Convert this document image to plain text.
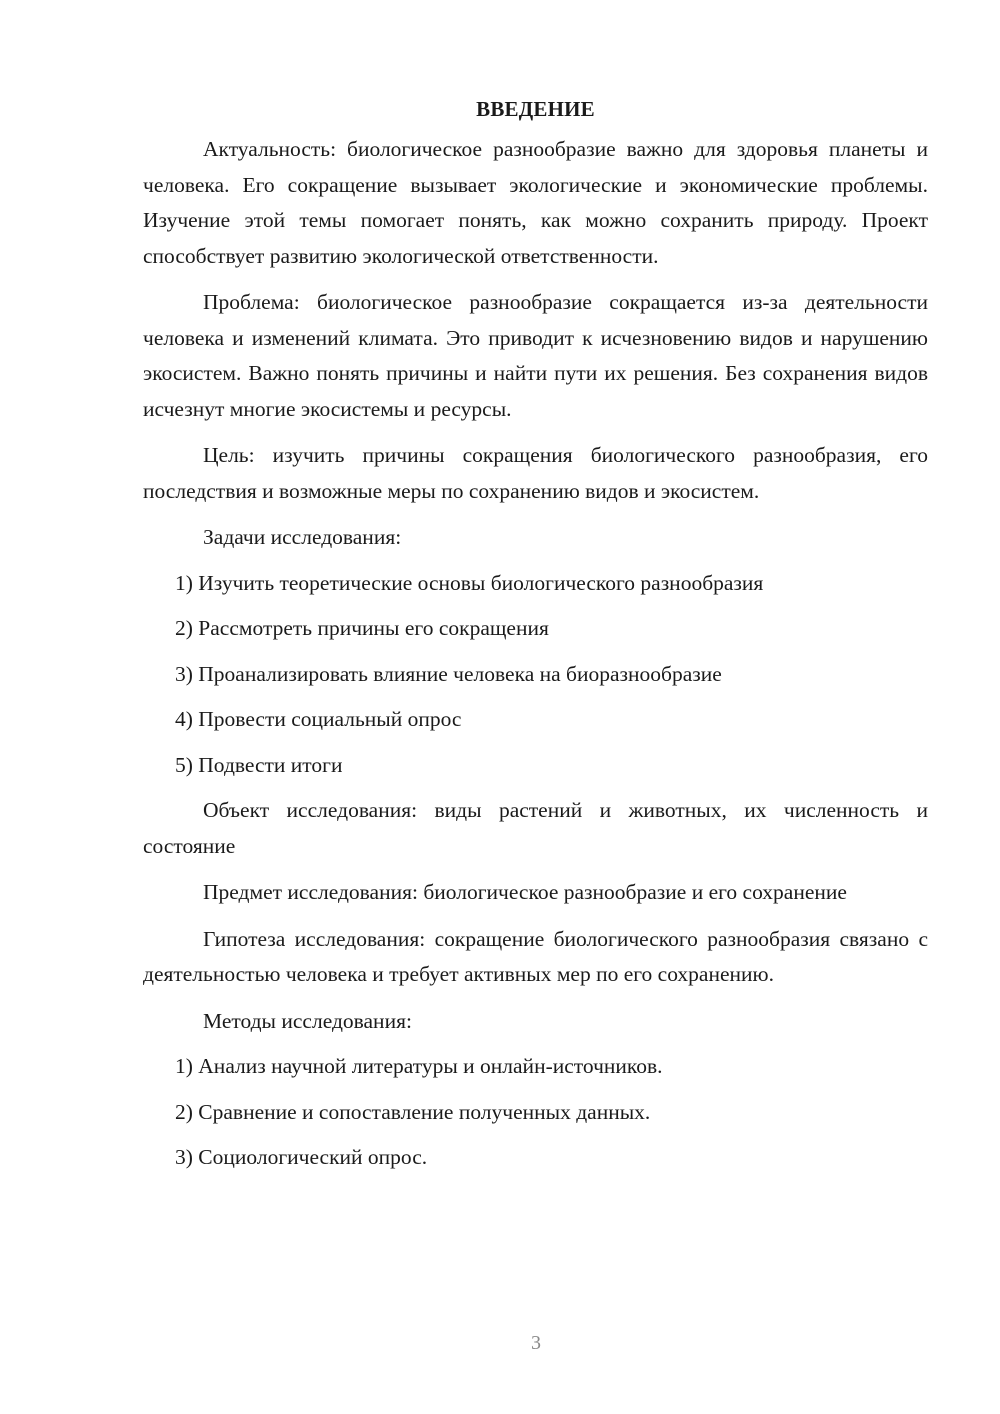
ВВЕДЕНИЕ

Актуальность: биологическое разнообразие важно для здоровья планеты и человека. Его сокращение вызывает экологические и экономические проблемы. Изучение этой темы помогает понять, как можно сохранить природу. Проект способствует развитию экологической ответственности.

Проблема: биологическое разнообразие сокращается из-за деятельности человека и изменений климата. Это приводит к исчезновению видов и нарушению экосистем. Важно понять причины и найти пути их решения. Без сохранения видов исчезнут многие экосистемы и ресурсы.

Цель: изучить причины сокращения биологического разнообразия, его последствия и возможные меры по сохранению видов и экосистем.

Задачи исследования:
1) Изучить теоретические основы биологического разнообразия
2) Рассмотреть причины его сокращения
3) Проанализировать влияние человека на биоразнообразие
4) Провести социальный опрос
5) Подвести итоги

Объект исследования: виды растений и животных, их численность и состояние

Предмет исследования: биологическое разнообразие и его сохранение

Гипотеза исследования: сокращение биологического разнообразия связано с деятельностью человека и требует активных мер по его сохранению.

Методы исследования:
1) Анализ научной литературы и онлайн-источников.
2) Сравнение и сопоставление полученных данных.
3) Социологический опрос.
3
